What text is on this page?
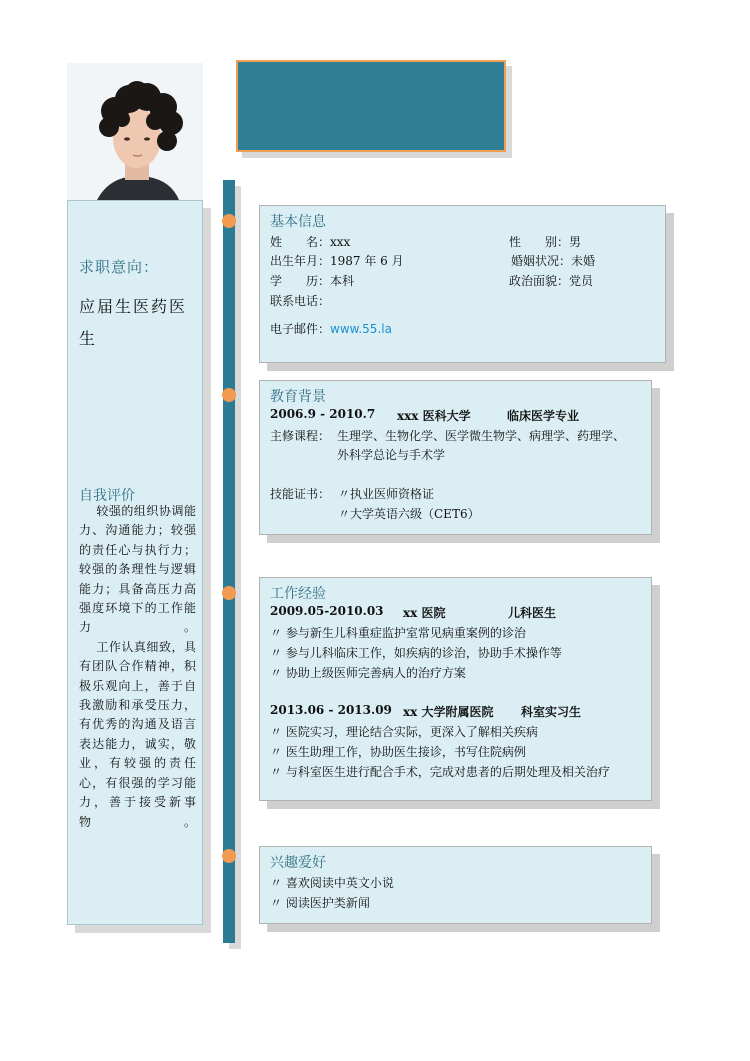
求职意向：
应届生医药医生
自我评价
较强的组织协调能力、沟通能力；较强的责任心与执行力；较强的条理性与逻辑能力；具备高压力高强度环境下的工作能力。
工作认真细致，具有团队合作精神，积极乐观向上，善于自我激励和承受压力，有优秀的沟通及语言表达能力，诚实，敬业，有较强的责任心，有很强的学习能力，善于接受新事物。
基本信息
姓　　名：xxx	性　　别：男
出生年月：1987 年 6 月	婚姻状况：未婚
学　　历：本科	政治面貌：党员
联系电话：
电子邮件：www.55.la
教育背景
2006.9 - 2010.7 xxx 医科大学	临床医学专业
主修课程： 生理学、生物化学、医学微生物学、病理学、药理学、
外科学总论与手术学
技能证书： 〃执业医师资格证
〃大学英语六级（CET6）
工作经验
2009.05-2010.03 xx 医院	儿科医生
〃 参与新生儿科重症监护室常见病重案例的诊治
〃 参与儿科临床工作，如疾病的诊治，协助手术操作等
〃 协助上级医师完善病人的治疗方案
2013.06 - 2013.09 xx 大学附属医院 科室实习生
〃 医院实习，理论结合实际，更深入了解相关疾病
〃 医生助理工作，协助医生接诊，书写住院病例
〃 与科室医生进行配合手术，完成对患者的后期处理及相关治疗
兴趣爱好
〃 喜欢阅读中英文小说
〃 阅读医护类新闻
